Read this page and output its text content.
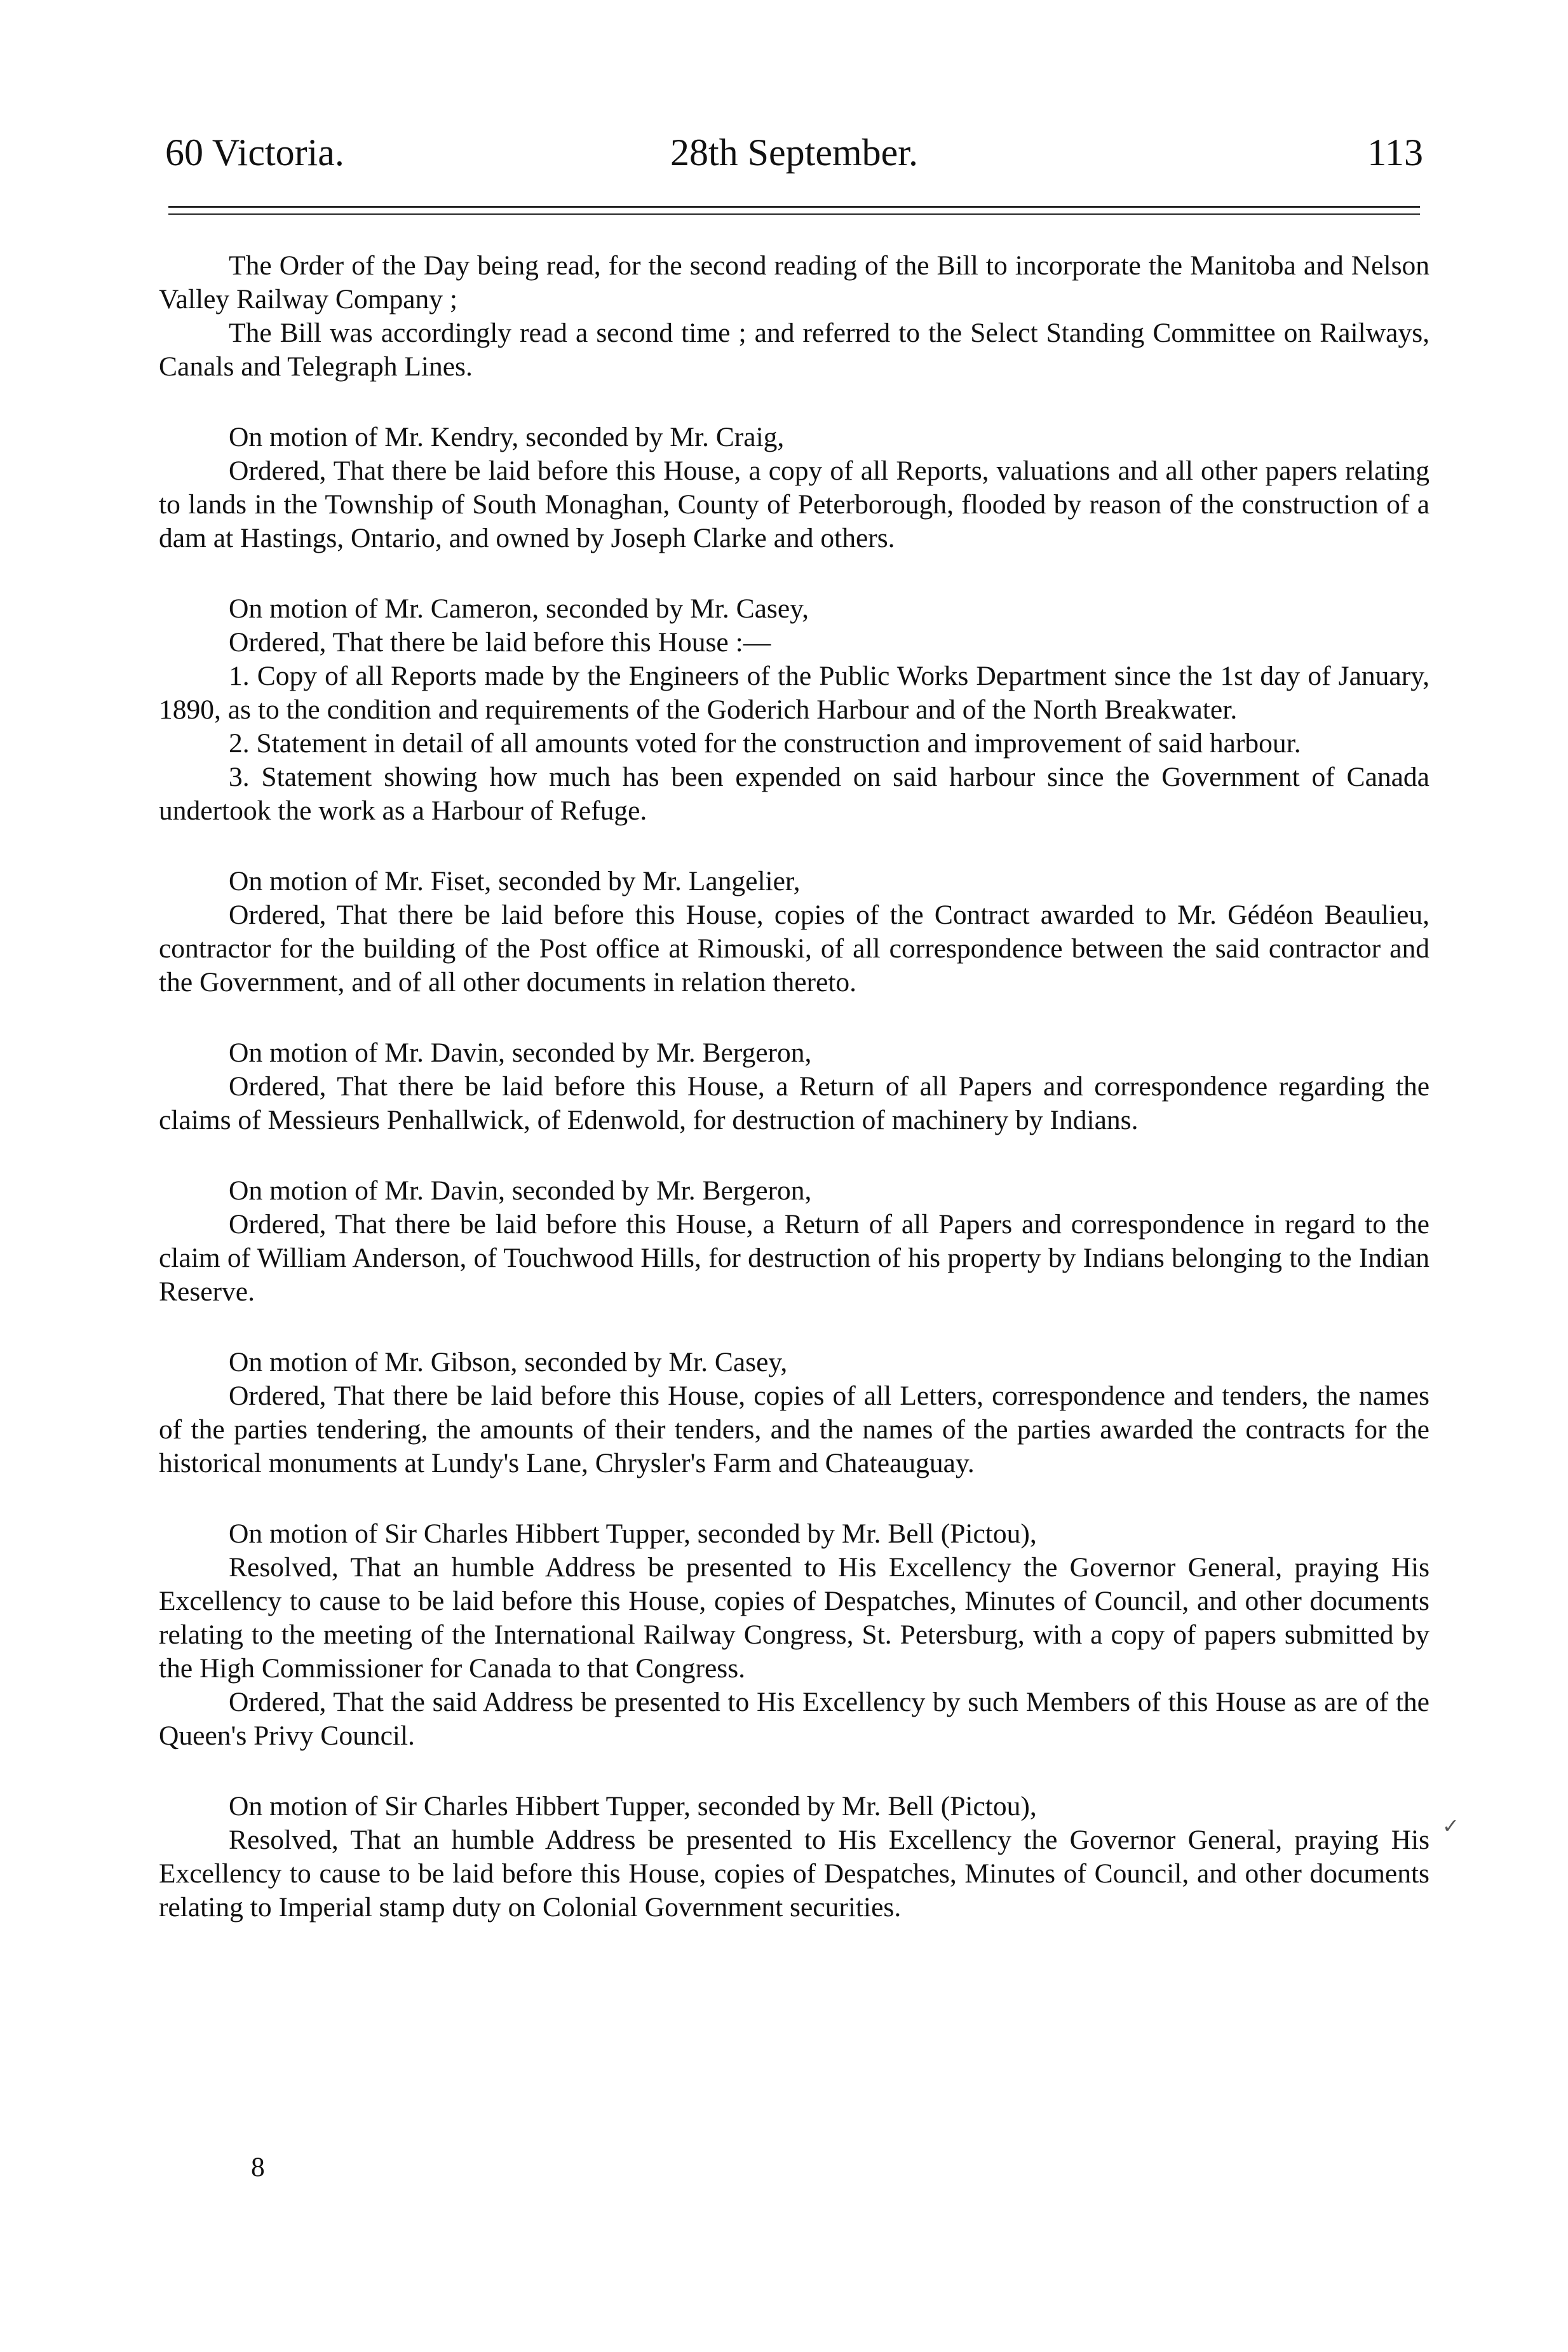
60 Victoria.	28th September.	113

The Order of the Day being read, for the second reading of the Bill to incorporate the Manitoba and Nelson Valley Railway Company ;

The Bill was accordingly read a second time ; and referred to the Select Standing Committee on Railways, Canals and Telegraph Lines.

On motion of Mr. Kendry, seconded by Mr. Craig,

Ordered, That there be laid before this House, a copy of all Reports, valuations and all other papers relating to lands in the Township of South Monaghan, County of Peterborough, flooded by reason of the construction of a dam at Hastings, Ontario, and owned by Joseph Clarke and others.

On motion of Mr. Cameron, seconded by Mr. Casey,

Ordered, That there be laid before this House :—

1. Copy of all Reports made by the Engineers of the Public Works Department since the 1st day of January, 1890, as to the condition and requirements of the Goderich Harbour and of the North Breakwater.

2. Statement in detail of all amounts voted for the construction and improvement of said harbour.

3. Statement showing how much has been expended on said harbour since the Government of Canada undertook the work as a Harbour of Refuge.

On motion of Mr. Fiset, seconded by Mr. Langelier,

Ordered, That there be laid before this House, copies of the Contract awarded to Mr. Gédéon Beaulieu, contractor for the building of the Post office at Rimouski, of all correspondence between the said contractor and the Government, and of all other documents in relation thereto.

On motion of Mr. Davin, seconded by Mr. Bergeron,

Ordered, That there be laid before this House, a Return of all Papers and correspondence regarding the claims of Messieurs Penhallwick, of Edenwold, for destruction of machinery by Indians.

On motion of Mr. Davin, seconded by Mr. Bergeron,

Ordered, That there be laid before this House, a Return of all Papers and correspondence in regard to the claim of William Anderson, of Touchwood Hills, for destruction of his property by Indians belonging to the Indian Reserve.

On motion of Mr. Gibson, seconded by Mr. Casey,

Ordered, That there be laid before this House, copies of all Letters, correspondence and tenders, the names of the parties tendering, the amounts of their tenders, and the names of the parties awarded the contracts for the historical monuments at Lundy's Lane, Chrysler's Farm and Chateauguay.

On motion of Sir Charles Hibbert Tupper, seconded by Mr. Bell (Pictou),

Resolved, That an humble Address be presented to His Excellency the Governor General, praying His Excellency to cause to be laid before this House, copies of Despatches, Minutes of Council, and other documents relating to the meeting of the International Railway Congress, St. Petersburg, with a copy of papers submitted by the High Commissioner for Canada to that Congress.

Ordered, That the said Address be presented to His Excellency by such Members of this House as are of the Queen's Privy Council.

On motion of Sir Charles Hibbert Tupper, seconded by Mr. Bell (Pictou),

Resolved, That an humble Address be presented to His Excellency the Governor General, praying His Excellency to cause to be laid before this House, copies of Despatches, Minutes of Council, and other documents relating to Imperial stamp duty on Colonial Government securities.

8
✓
